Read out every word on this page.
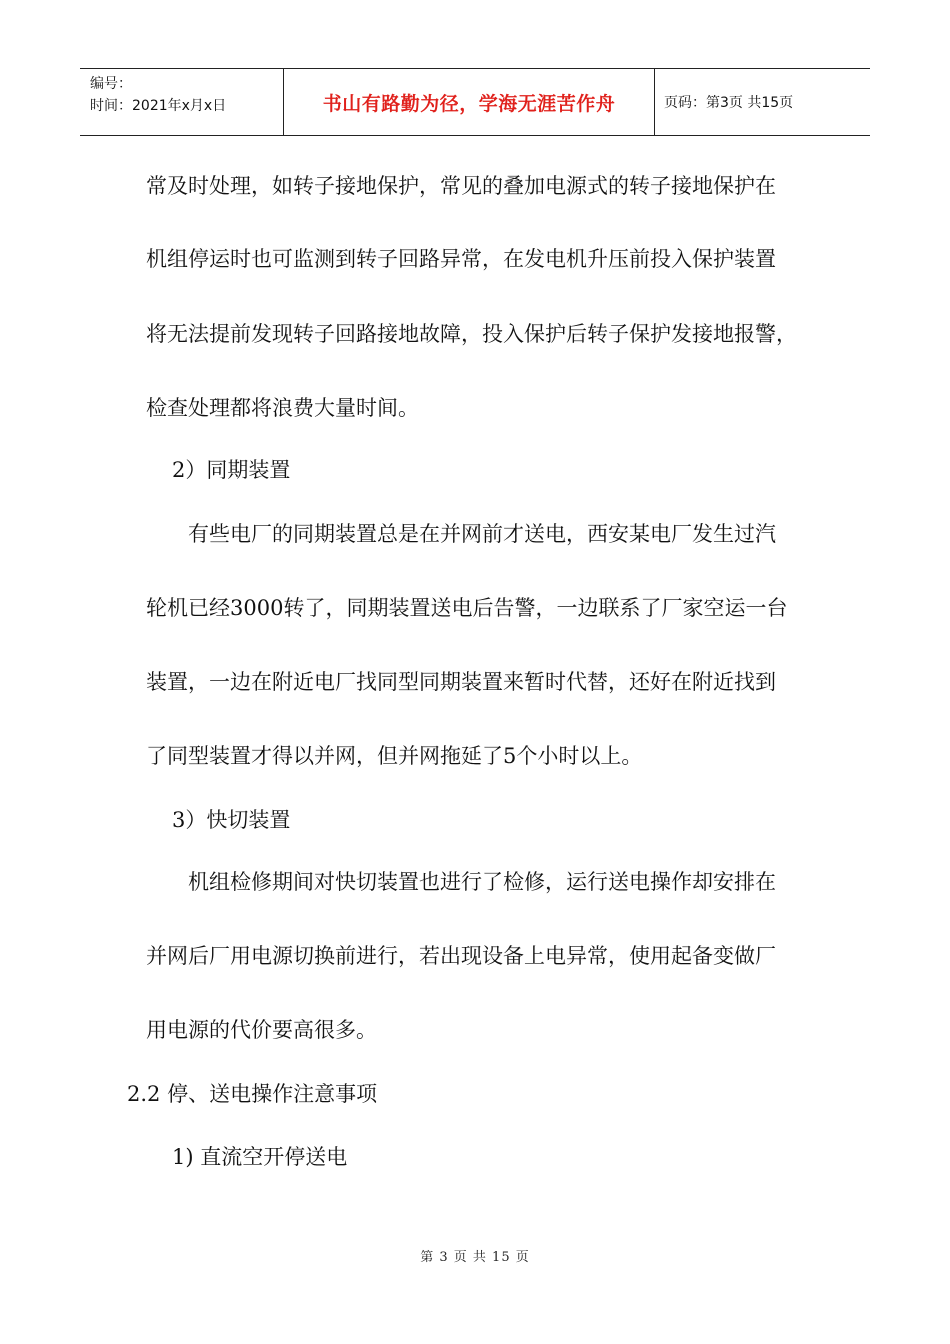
编号：
时间：2021年x月x日	书山有路勤为径，学海无涯苦作舟	页码：第3页 共15页
常及时处理，如转子接地保护，常见的叠加电源式的转子接地保护在
机组停运时也可监测到转子回路异常，在发电机升压前投入保护装置
将无法提前发现转子回路接地故障，投入保护后转子保护发接地报警，
检查处理都将浪费大量时间。
2）同期装置
有些电厂的同期装置总是在并网前才送电，西安某电厂发生过汽
轮机已经3000转了，同期装置送电后告警，一边联系了厂家空运一台
装置，一边在附近电厂找同型同期装置来暂时代替，还好在附近找到
了同型装置才得以并网，但并网拖延了5个小时以上。
3）快切装置
机组检修期间对快切装置也进行了检修，运行送电操作却安排在
并网后厂用电源切换前进行，若出现设备上电异常，使用起备变做厂
用电源的代价要高很多。
2.2 停、送电操作注意事项
1) 直流空开停送电
第 3 页 共 15 页
